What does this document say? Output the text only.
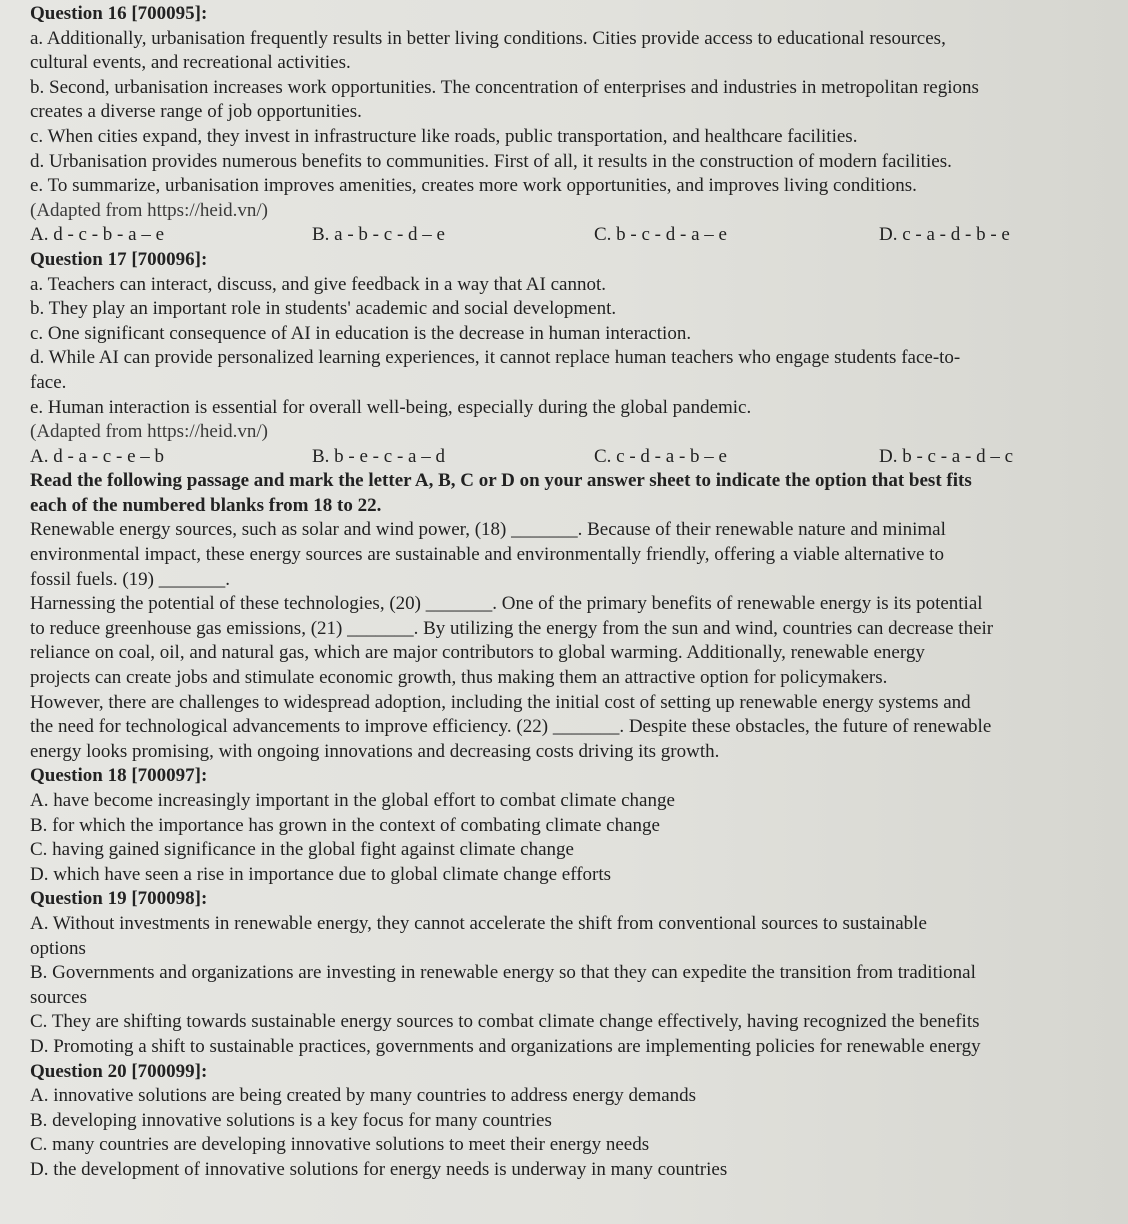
Question 16 [700095]:
a. Additionally, urbanisation frequently results in better living conditions. Cities provide access to educational resources,
cultural events, and recreational activities.
b. Second, urbanisation increases work opportunities. The concentration of enterprises and industries in metropolitan regions
creates a diverse range of job opportunities.
c. When cities expand, they invest in infrastructure like roads, public transportation, and healthcare facilities.
d. Urbanisation provides numerous benefits to communities. First of all, it results in the construction of modern facilities.
e. To summarize, urbanisation improves amenities, creates more work opportunities, and improves living conditions.
(Adapted from https://heid.vn/)
A. d - c - b - a – e	B. a - b - c - d – e	C. b - c - d - a – e	D. c - a - d - b - e
Question 17 [700096]:
a. Teachers can interact, discuss, and give feedback in a way that AI cannot.
b. They play an important role in students' academic and social development.
c. One significant consequence of AI in education is the decrease in human interaction.
d. While AI can provide personalized learning experiences, it cannot replace human teachers who engage students face-to-
face.
e. Human interaction is essential for overall well-being, especially during the global pandemic.
(Adapted from https://heid.vn/)
A. d - a - c - e – b	B. b - e - c - a – d	C. c - d - a - b – e	D. b - c - a - d – c
Read the following passage and mark the letter A, B, C or D on your answer sheet to indicate the option that best fits
each of the numbered blanks from 18 to 22.
Renewable energy sources, such as solar and wind power, (18) _______. Because of their renewable nature and minimal
environmental impact, these energy sources are sustainable and environmentally friendly, offering a viable alternative to
fossil fuels. (19) _______.
Harnessing the potential of these technologies, (20) _______. One of the primary benefits of renewable energy is its potential
to reduce greenhouse gas emissions, (21) _______. By utilizing the energy from the sun and wind, countries can decrease their
reliance on coal, oil, and natural gas, which are major contributors to global warming. Additionally, renewable energy
projects can create jobs and stimulate economic growth, thus making them an attractive option for policymakers.
However, there are challenges to widespread adoption, including the initial cost of setting up renewable energy systems and
the need for technological advancements to improve efficiency. (22) _______. Despite these obstacles, the future of renewable
energy looks promising, with ongoing innovations and decreasing costs driving its growth.
Question 18 [700097]:
A. have become increasingly important in the global effort to combat climate change
B. for which the importance has grown in the context of combating climate change
C. having gained significance in the global fight against climate change
D. which have seen a rise in importance due to global climate change efforts
Question 19 [700098]:
A. Without investments in renewable energy, they cannot accelerate the shift from conventional sources to sustainable
options
B. Governments and organizations are investing in renewable energy so that they can expedite the transition from traditional
sources
C. They are shifting towards sustainable energy sources to combat climate change effectively, having recognized the benefits
D. Promoting a shift to sustainable practices, governments and organizations are implementing policies for renewable energy
Question 20 [700099]:
A. innovative solutions are being created by many countries to address energy demands
B. developing innovative solutions is a key focus for many countries
C. many countries are developing innovative solutions to meet their energy needs
D. the development of innovative solutions for energy needs is underway in many countries
